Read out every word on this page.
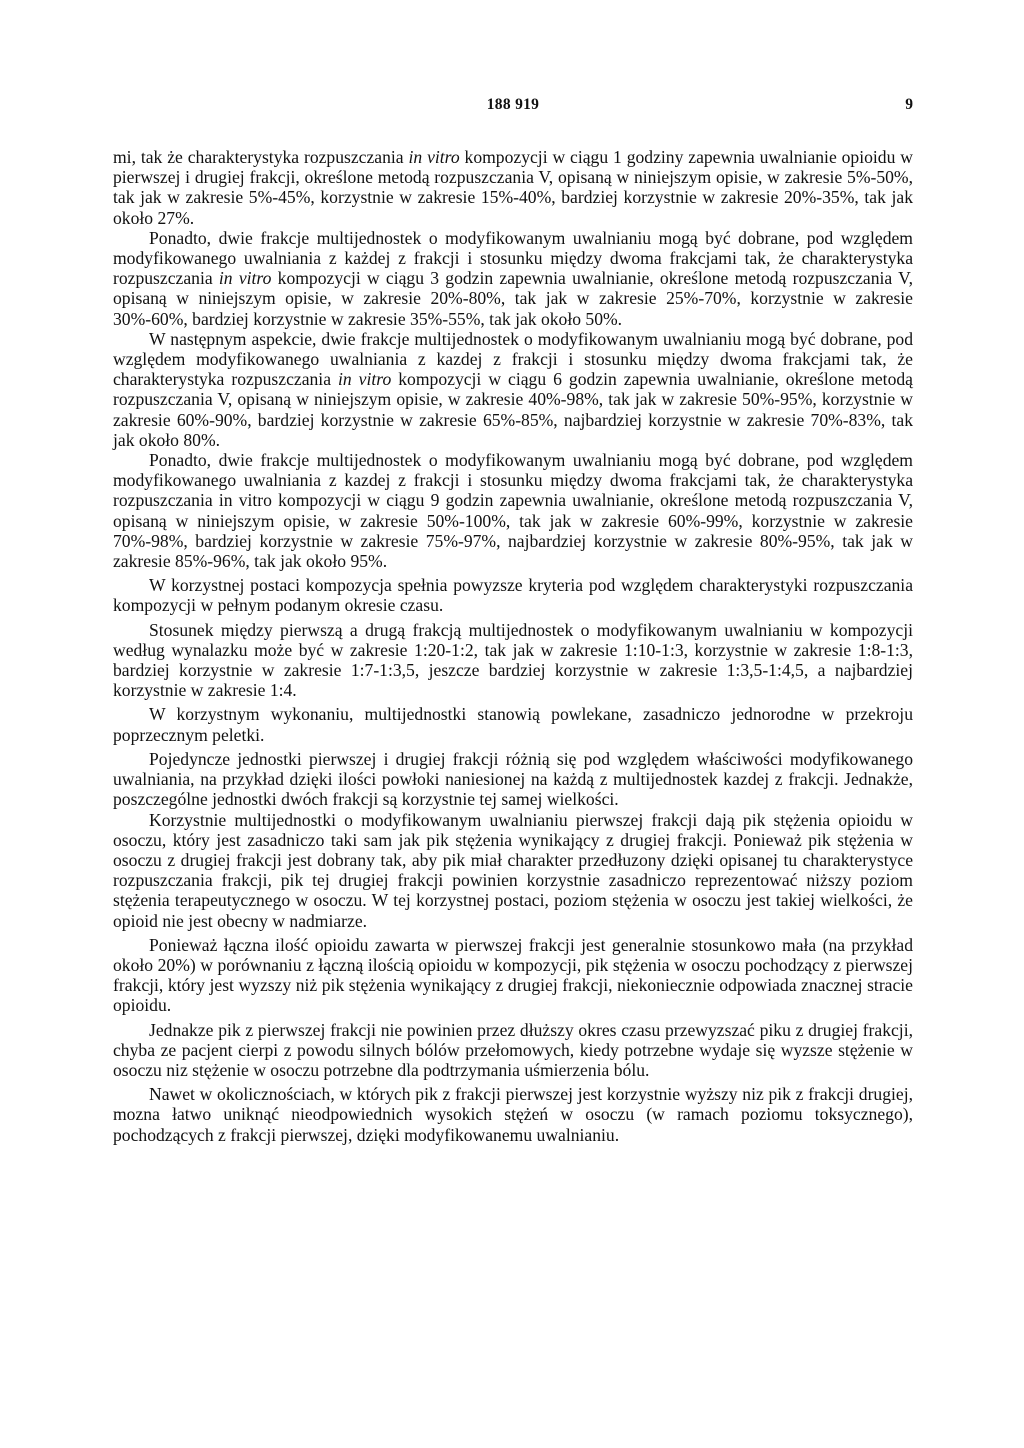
188 919	9

mi, tak że charakterystyka rozpuszczania in vitro kompozycji w ciągu 1 godziny zapewnia uwalnianie opioidu w pierwszej i drugiej frakcji, określone metodą rozpuszczania V, opisaną w niniejszym opisie, w zakresie 5%-50%, tak jak w zakresie 5%-45%, korzystnie w zakresie 15%-40%, bardziej korzystnie w zakresie 20%-35%, tak jak około 27%.

Ponadto, dwie frakcje multijednostek o modyfikowanym uwalnianiu mogą być dobrane, pod względem modyfikowanego uwalniania z każdej z frakcji i stosunku między dwoma frakcjami tak, że charakterystyka rozpuszczania in vitro kompozycji w ciągu 3 godzin zapewnia uwalnianie, określone metodą rozpuszczania V, opisaną w niniejszym opisie, w zakresie 20%-80%, tak jak w zakresie 25%-70%, korzystnie w zakresie 30%-60%, bardziej korzystnie w zakresie 35%-55%, tak jak około 50%.

W następnym aspekcie, dwie frakcje multijednostek o modyfikowanym uwalnianiu mogą być dobrane, pod względem modyfikowanego uwalniania z kazdej z frakcji i stosunku między dwoma frakcjami tak, że charakterystyka rozpuszczania in vitro kompozycji w ciągu 6 godzin zapewnia uwalnianie, określone metodą rozpuszczania V, opisaną w niniejszym opisie, w zakresie 40%-98%, tak jak w zakresie 50%-95%, korzystnie w zakresie 60%-90%, bardziej korzystnie w zakresie 65%-85%, najbardziej korzystnie w zakresie 70%-83%, tak jak około 80%.

Ponadto, dwie frakcje multijednostek o modyfikowanym uwalnianiu mogą być dobrane, pod względem modyfikowanego uwalniania z kazdej z frakcji i stosunku między dwoma frakcjami tak, że charakterystyka rozpuszczania in vitro kompozycji w ciągu 9 godzin zapewnia uwalnianie, określone metodą rozpuszczania V, opisaną w niniejszym opisie, w zakresie 50%-100%, tak jak w zakresie 60%-99%, korzystnie w zakresie 70%-98%, bardziej korzystnie w zakresie 75%-97%, najbardziej korzystnie w zakresie 80%-95%, tak jak w zakresie 85%-96%, tak jak około 95%.

W korzystnej postaci kompozycja spełnia powyzsze kryteria pod względem charakterystyki rozpuszczania kompozycji w pełnym podanym okresie czasu.

Stosunek między pierwszą a drugą frakcją multijednostek o modyfikowanym uwalnianiu w kompozycji według wynalazku może być w zakresie 1:20-1:2, tak jak w zakresie 1:10-1:3, korzystnie w zakresie 1:8-1:3, bardziej korzystnie w zakresie 1:7-1:3,5, jeszcze bardziej korzystnie w zakresie 1:3,5-1:4,5, a najbardziej korzystnie w zakresie 1:4.

W korzystnym wykonaniu, multijednostki stanowią powlekane, zasadniczo jednorodne w przekroju poprzecznym peletki.

Pojedyncze jednostki pierwszej i drugiej frakcji różnią się pod względem właściwości modyfikowanego uwalniania, na przykład dzięki ilości powłoki naniesionej na każdą z multijednostek kazdej z frakcji. Jednakże, poszczególne jednostki dwóch frakcji są korzystnie tej samej wielkości.

Korzystnie multijednostki o modyfikowanym uwalnianiu pierwszej frakcji dają pik stężenia opioidu w osoczu, który jest zasadniczo taki sam jak pik stężenia wynikający z drugiej frakcji. Ponieważ pik stężenia w osoczu z drugiej frakcji jest dobrany tak, aby pik miał charakter przedłuzony dzięki opisanej tu charakterystyce rozpuszczania frakcji, pik tej drugiej frakcji powinien korzystnie zasadniczo reprezentować niższy poziom stężenia terapeutycznego w osoczu. W tej korzystnej postaci, poziom stężenia w osoczu jest takiej wielkości, że opioid nie jest obecny w nadmiarze.

Ponieważ łączna ilość opioidu zawarta w pierwszej frakcji jest generalnie stosunkowo mała (na przykład około 20%) w porównaniu z łączną ilością opioidu w kompozycji, pik stężenia w osoczu pochodzący z pierwszej frakcji, który jest wyzszy niż pik stężenia wynikający z drugiej frakcji, niekoniecznie odpowiada znacznej stracie opioidu.

Jednakze pik z pierwszej frakcji nie powinien przez dłuższy okres czasu przewyzszać piku z drugiej frakcji, chyba ze pacjent cierpi z powodu silnych bólów przełomowych, kiedy potrzebne wydaje się wyzsze stężenie w osoczu niz stężenie w osoczu potrzebne dla podtrzymania uśmierzenia bólu.

Nawet w okolicznościach, w których pik z frakcji pierwszej jest korzystnie wyższy niz pik z frakcji drugiej, mozna łatwo uniknąć nieodpowiednich wysokich stężeń w osoczu (w ramach poziomu toksycznego), pochodzących z frakcji pierwszej, dzięki modyfikowanemu uwalnianiu.
